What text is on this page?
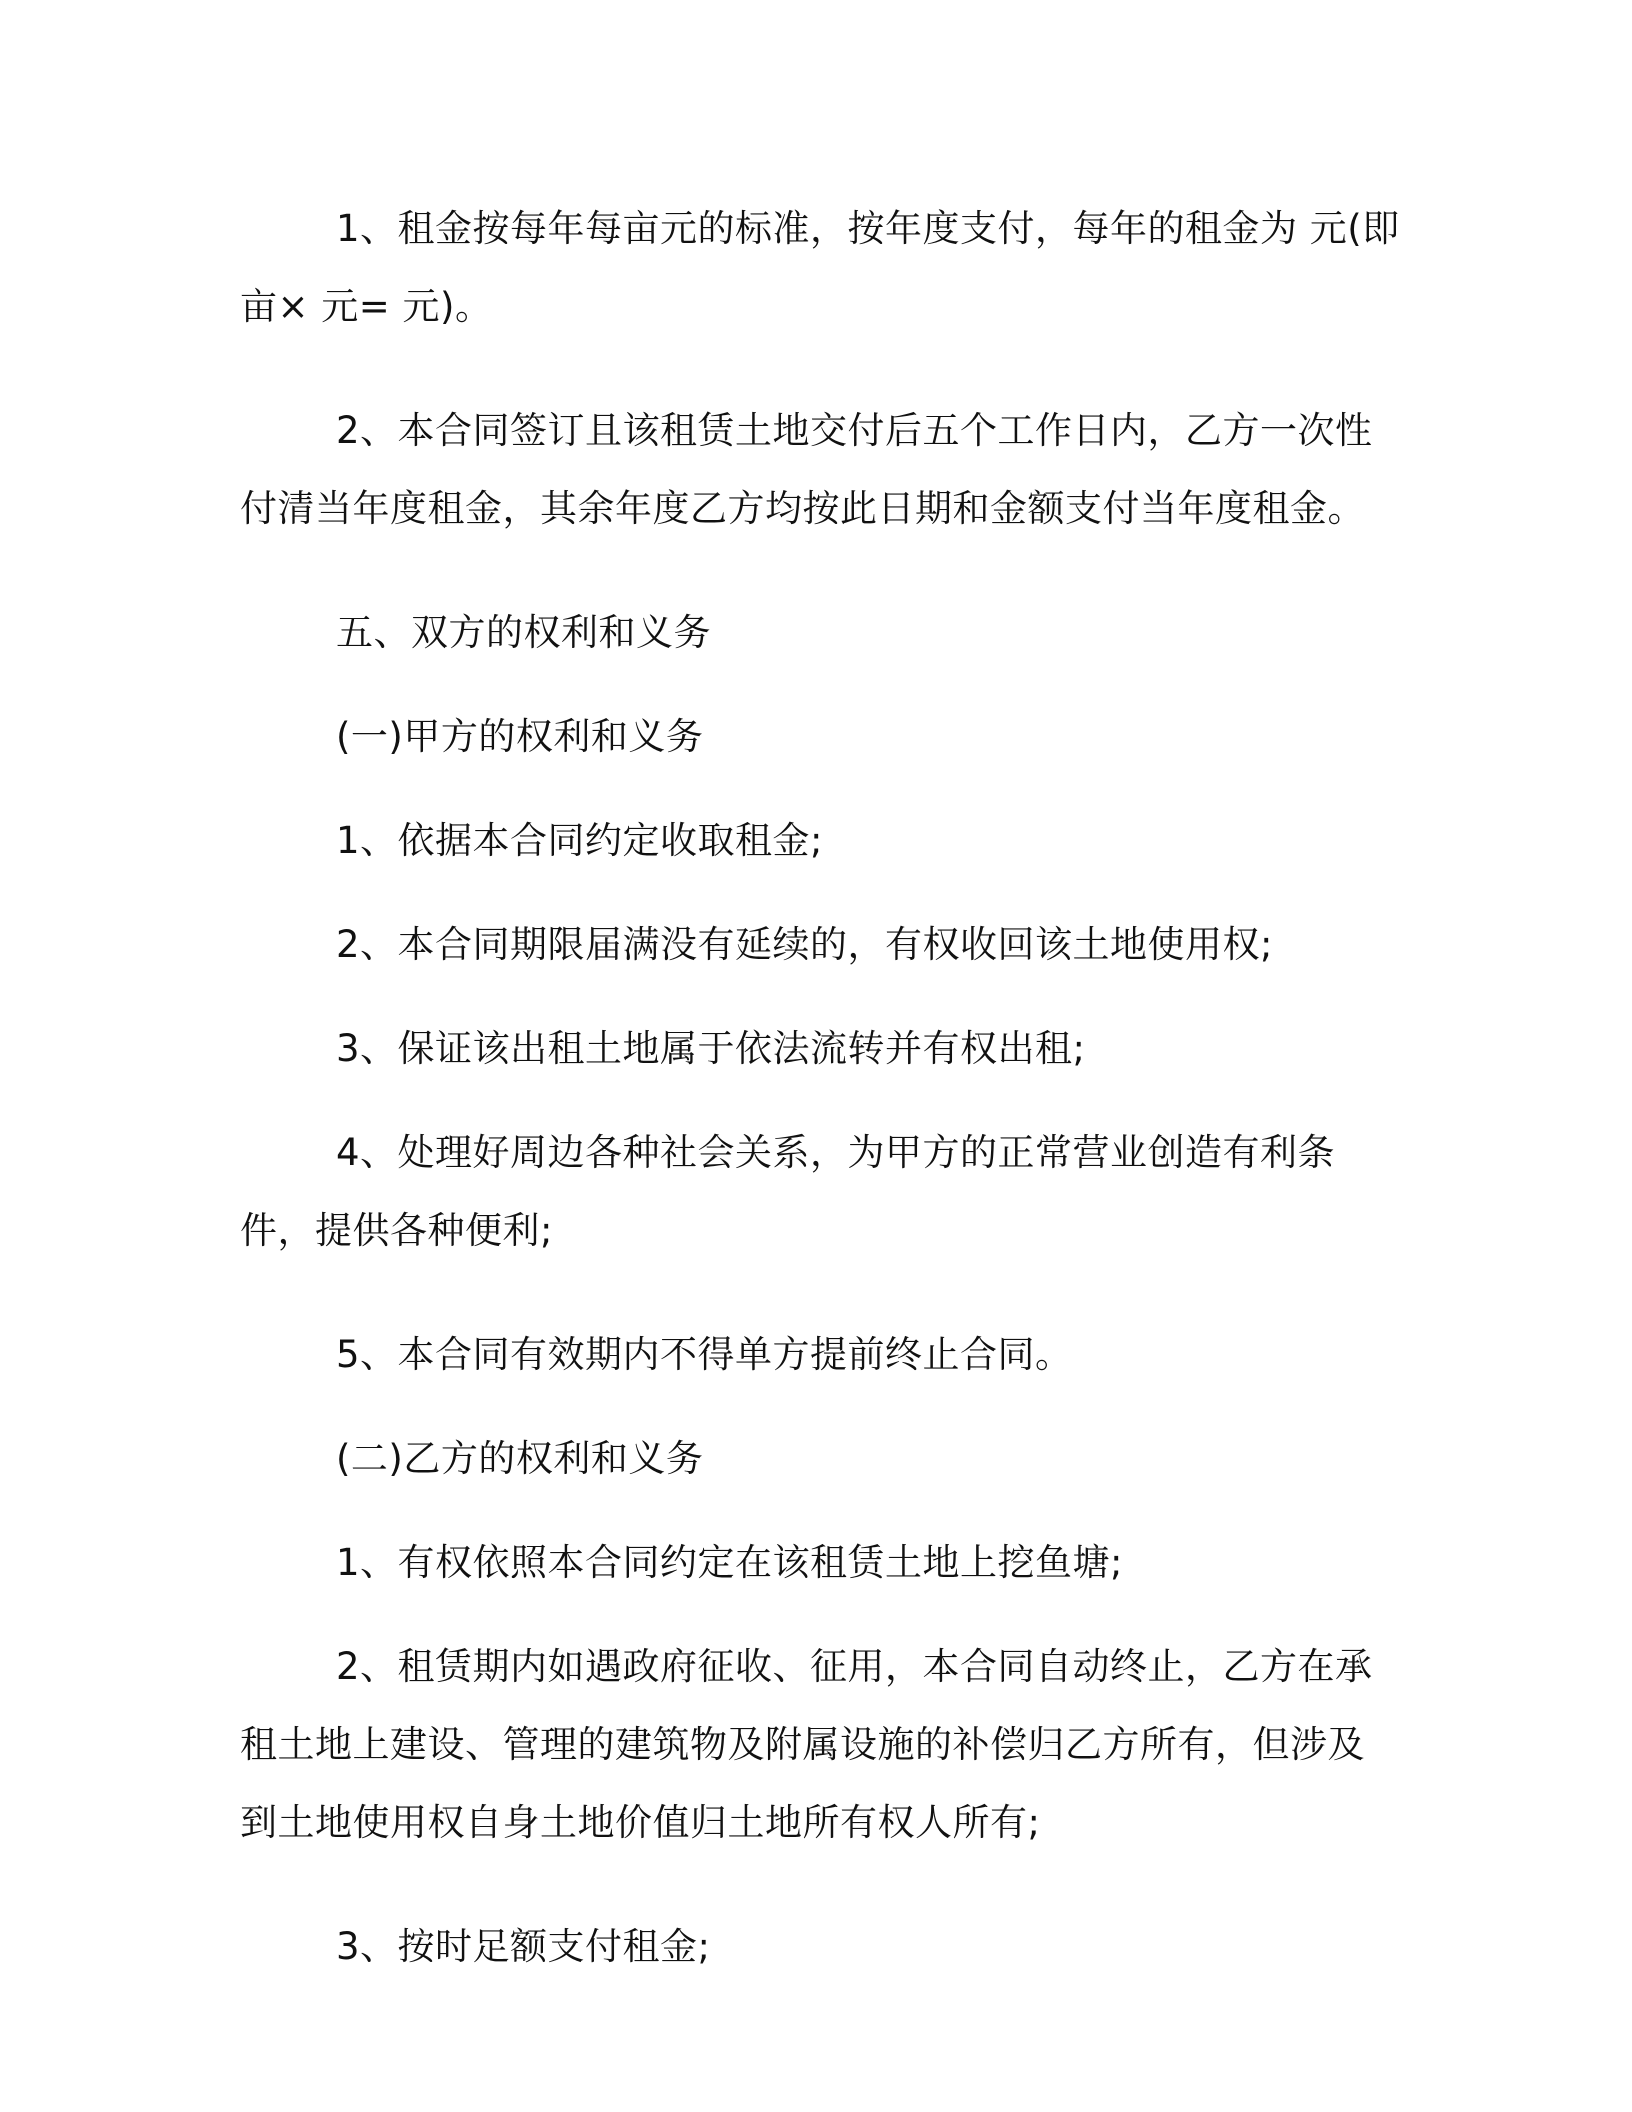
1、租金按每年每亩元的标准，按年度支付，每年的租金为 元(即亩× 元= 元)。

2、本合同签订且该租赁土地交付后五个工作日内，乙方一次性付清当年度租金，其余年度乙方均按此日期和金额支付当年度租金。

五、双方的权利和义务

(一)甲方的权利和义务

1、依据本合同约定收取租金;

2、本合同期限届满没有延续的，有权收回该土地使用权;

3、保证该出租土地属于依法流转并有权出租;

4、处理好周边各种社会关系，为甲方的正常营业创造有利条件，提供各种便利;

5、本合同有效期内不得单方提前终止合同。

(二)乙方的权利和义务

1、有权依照本合同约定在该租赁土地上挖鱼塘;

2、租赁期内如遇政府征收、征用，本合同自动终止，乙方在承租土地上建设、管理的建筑物及附属设施的补偿归乙方所有，但涉及到土地使用权自身土地价值归土地所有权人所有;

3、按时足额支付租金;
